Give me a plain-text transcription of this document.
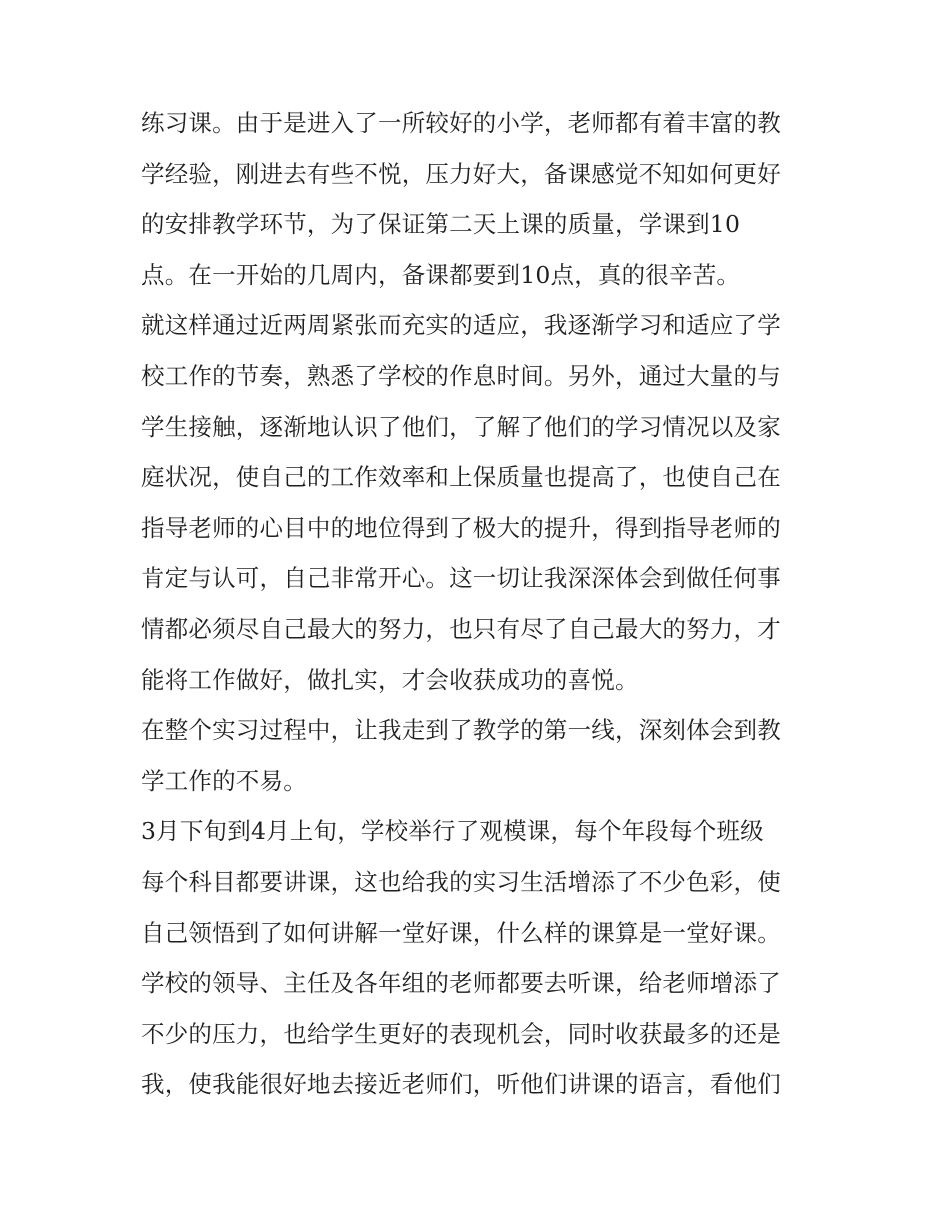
练习课。由于是进入了一所较好的小学，老师都有着丰富的教
学经验，刚进去有些不悦，压力好大，备课感觉不知如何更好
的安排教学环节，为了保证第二天上课的质量，学课到10
点。在一开始的几周内，备课都要到10点，真的很辛苦。
就这样通过近两周紧张而充实的适应，我逐渐学习和适应了学
校工作的节奏，熟悉了学校的作息时间。另外，通过大量的与
学生接触，逐渐地认识了他们，了解了他们的学习情况以及家
庭状况，使自己的工作效率和上保质量也提高了，也使自己在
指导老师的心目中的地位得到了极大的提升，得到指导老师的
肯定与认可，自己非常开心。这一切让我深深体会到做任何事
情都必须尽自己最大的努力，也只有尽了自己最大的努力，才
能将工作做好，做扎实，才会收获成功的喜悦。
在整个实习过程中，让我走到了教学的第一线，深刻体会到教
学工作的不易。
3月下旬到4月上旬，学校举行了观模课，每个年段每个班级
每个科目都要讲课，这也给我的实习生活增添了不少色彩，使
自己领悟到了如何讲解一堂好课，什么样的课算是一堂好课。
学校的领导、主任及各年组的老师都要去听课，给老师增添了
不少的压力，也给学生更好的表现机会，同时收获最多的还是
我，使我能很好地去接近老师们，听他们讲课的语言，看他们
